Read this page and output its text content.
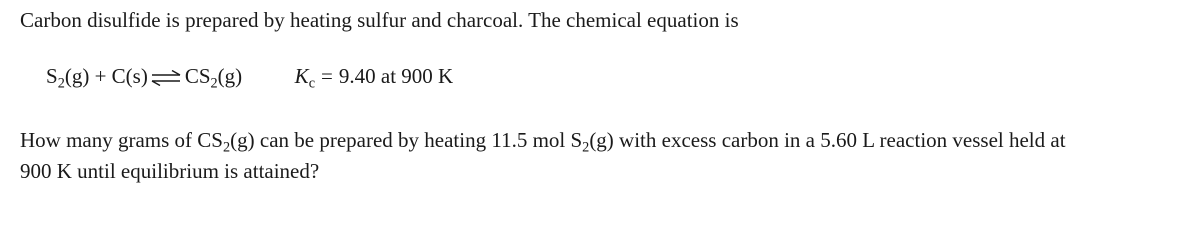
Carbon disulfide is prepared by heating sulfur and charcoal. The chemical equation is
$S_2(g) + C(s)$ ⇌ $CS_2(g)$	$K_c = 9.40$ at 900 K
How many grams of $CS_2(g)$ can be prepared by heating 11.5 mol $S_2(g)$ with excess carbon in a 5.60 L reaction vessel held at
900 K until equilibrium is attained?
